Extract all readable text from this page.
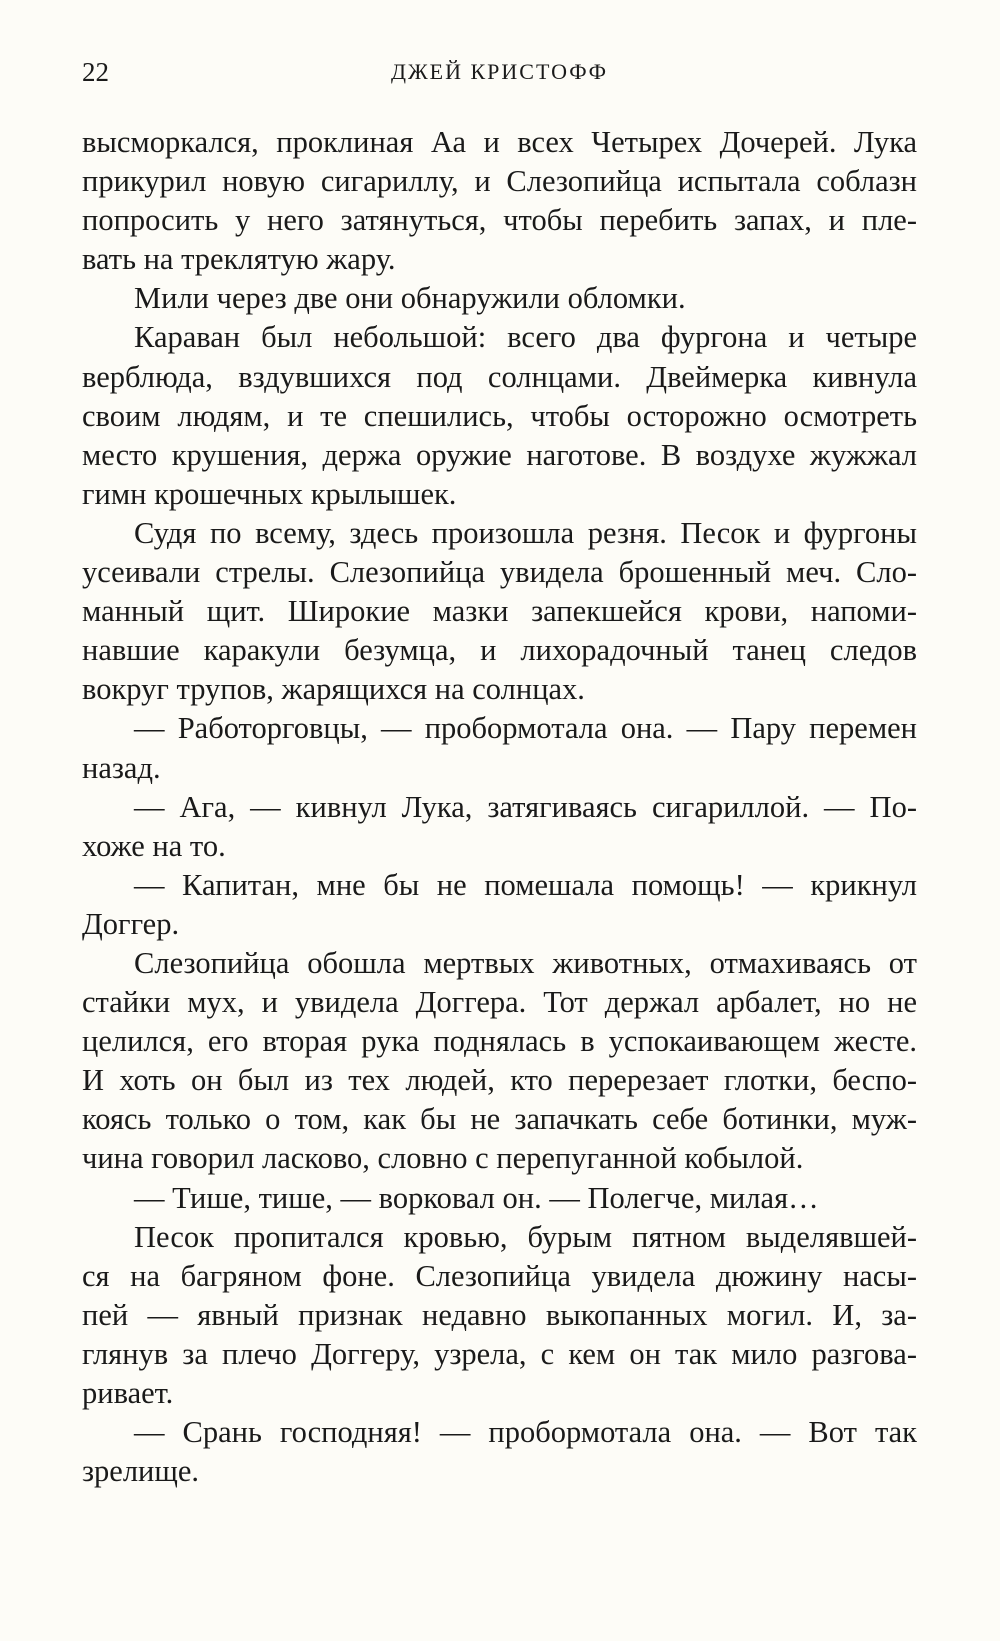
22	ДЖЕЙ КРИСТОФФ
высморкался, проклиная Аа и всех Четырех Дочерей. Лука
прикурил новую сигариллу, и Слезопийца испытала соблазн
попросить у него затянуться, чтобы перебить запах, и пле-
вать на треклятую жару.
Мили через две они обнаружили обломки.
Караван был небольшой: всего два фургона и четыре
верблюда, вздувшихся под солнцами. Двеймерка кивнула
своим людям, и те спешились, чтобы осторожно осмотреть
место крушения, держа оружие наготове. В воздухе жужжал
гимн крошечных крылышек.
Судя по всему, здесь произошла резня. Песок и фургоны
усеивали стрелы. Слезопийца увидела брошенный меч. Сло-
манный щит. Широкие мазки запекшейся крови, напоми-
навшие каракули безумца, и лихорадочный танец следов
вокруг трупов, жарящихся на солнцах.
— Работорговцы, — пробормотала она. — Пару перемен
назад.
— Ага, — кивнул Лука, затягиваясь сигариллой. — По-
хоже на то.
— Капитан, мне бы не помешала помощь! — крикнул
Доггер.
Слезопийца обошла мертвых животных, отмахиваясь от
стайки мух, и увидела Доггера. Тот держал арбалет, но не
целился, его вторая рука поднялась в успокаивающем жесте.
И хоть он был из тех людей, кто перерезает глотки, беспо-
коясь только о том, как бы не запачкать себе ботинки, муж-
чина говорил ласково, словно с перепуганной кобылой.
— Тише, тише, — ворковал он. — Полегче, милая…
Песок пропитался кровью, бурым пятном выделявшей-
ся на багряном фоне. Слезопийца увидела дюжину насы-
пей — явный признак недавно выкопанных могил. И, за-
глянув за плечо Доггеру, узрела, с кем он так мило разгова-
ривает.
— Срань господняя! — пробормотала она. — Вот так
зрелище.
